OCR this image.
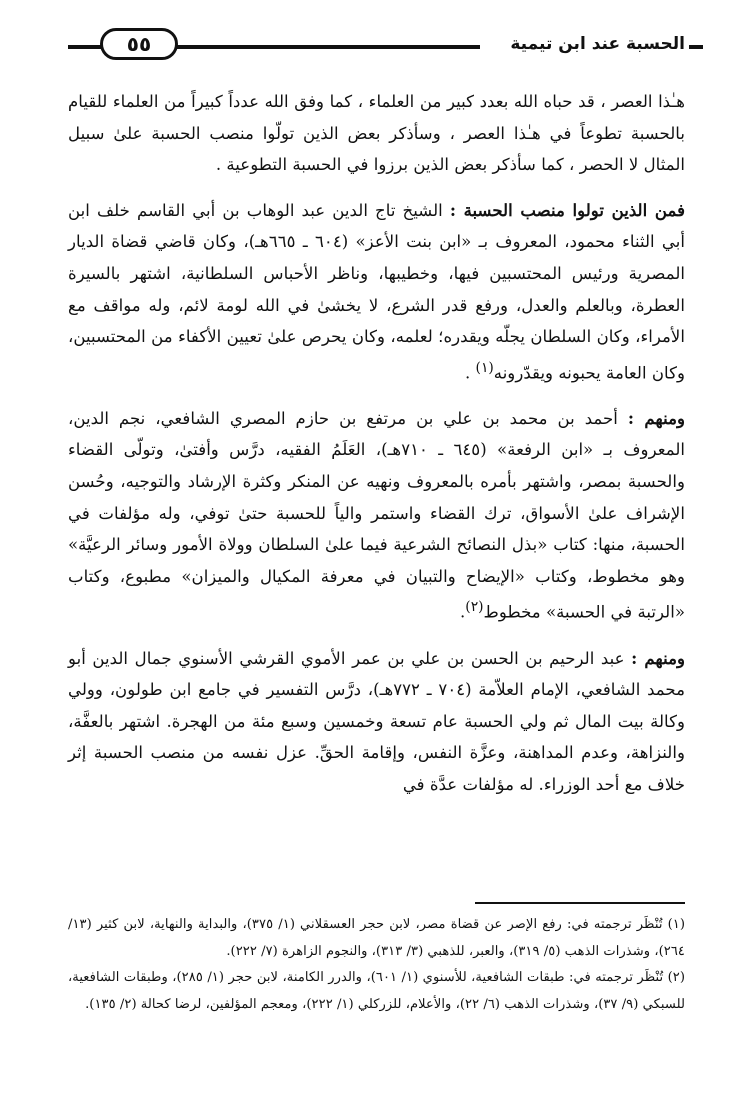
الحسبة عند ابن تيمية
٥٥

هـٰذا العصر ، قد حباه الله بعدد كبير من العلماء ، كما وفق الله عدداً كبيراً من العلماء للقيام بالحسبة تطوعاً في هـٰذا العصر ، وسأذكر بعض الذين تولّوا منصب الحسبة علىٰ سبيل المثال لا الحصر ، كما سأذكر بعض الذين برزوا في الحسبة التطوعية .

فمن الذين تولوا منصب الحسبة : الشيخ تاج الدين عبد الوهاب بن أبي القاسم خلف ابن أبي الثناء محمود، المعروف بـ «ابن بنت الأعز» (٦٠٤ ـ ٦٦٥هـ)، وكان قاضي قضاة الديار المصرية ورئيس المحتسبين فيها، وخطيبها، وناظر الأحباس السلطانية، اشتهر بالسيرة العطرة، وبالعلم والعدل، ورفع قدر الشرع، لا يخشىٰ في الله لومة لائم، وله مواقف مع الأمراء، وكان السلطان يجلّه ويقدره؛ لعلمه، وكان يحرص علىٰ تعيين الأكفاء من المحتسبين، وكان العامة يحبونه ويقدّرونه$^{(١)}$ .

ومنهم : أحمد بن محمد بن علي بن مرتفع بن حازم المصري الشافعي، نجم الدين، المعروف بـ «ابن الرفعة» (٦٤٥ ـ ٧١٠هـ)، العَلَمُ الفقيه، درَّس وأفتىٰ، وتولّى القضاء والحسبة بمصر، واشتهر بأمره بالمعروف ونهيه عن المنكر وكثرة الإرشاد والتوجيه، وحُسن الإشراف علىٰ الأسواق، ترك القضاء واستمر والياً للحسبة حتىٰ توفي، وله مؤلفات في الحسبة، منها: كتاب «بذل النصائح الشرعية فيما علىٰ السلطان وولاة الأمور وسائر الرعيَّة» وهو مخطوط، وكتاب «الإيضاح والتبيان في معرفة المكيال والميزان» مطبوع، وكتاب «الرتبة في الحسبة» مخطوط$^{(٢)}$.

ومنهم : عبد الرحيم بن الحسن بن علي بن عمر الأموي القرشي الأسنوي جمال الدين أبو محمد الشافعي، الإمام العلاّمة (٧٠٤ ـ ٧٧٢هـ)، درَّس التفسير في جامع ابن طولون، وولي وكالة بيت المال ثم ولي الحسبة عام تسعة وخمسين وسبع مئة من الهجرة. اشتهر بالعفَّة، والنزاهة، وعدم المداهنة، وعزَّة النفس، وإقامة الحقِّ. عزل نفسه من منصب الحسبة إثر خلاف مع أحد الوزراء. له مؤلفات عدَّة في

(١) تُنْظَر ترجمته في: رفع الإصر عن قضاة مصر، لابن حجر العسقلاني (١/ ٣٧٥)، والبداية والنهاية، لابن كثير (١٣/ ٢٦٤)، وشذرات الذهب (٥/ ٣١٩)، والعبر، للذهبي (٣/ ٣١٣)، والنجوم الزاهرة (٧/ ٢٢٢).

(٢) تُنْظَر ترجمته في: طبقات الشافعية، للأسنوي (١/ ٦٠١)، والدرر الكامنة، لابن حجر (١/ ٢٨٥)، وطبقات الشافعية، للسبكي (٩/ ٣٧)، وشذرات الذهب (٦/ ٢٢)، والأعلام، للزركلي (١/ ٢٢٢)، ومعجم المؤلفين، لرضا كحالة (٢/ ١٣٥).
